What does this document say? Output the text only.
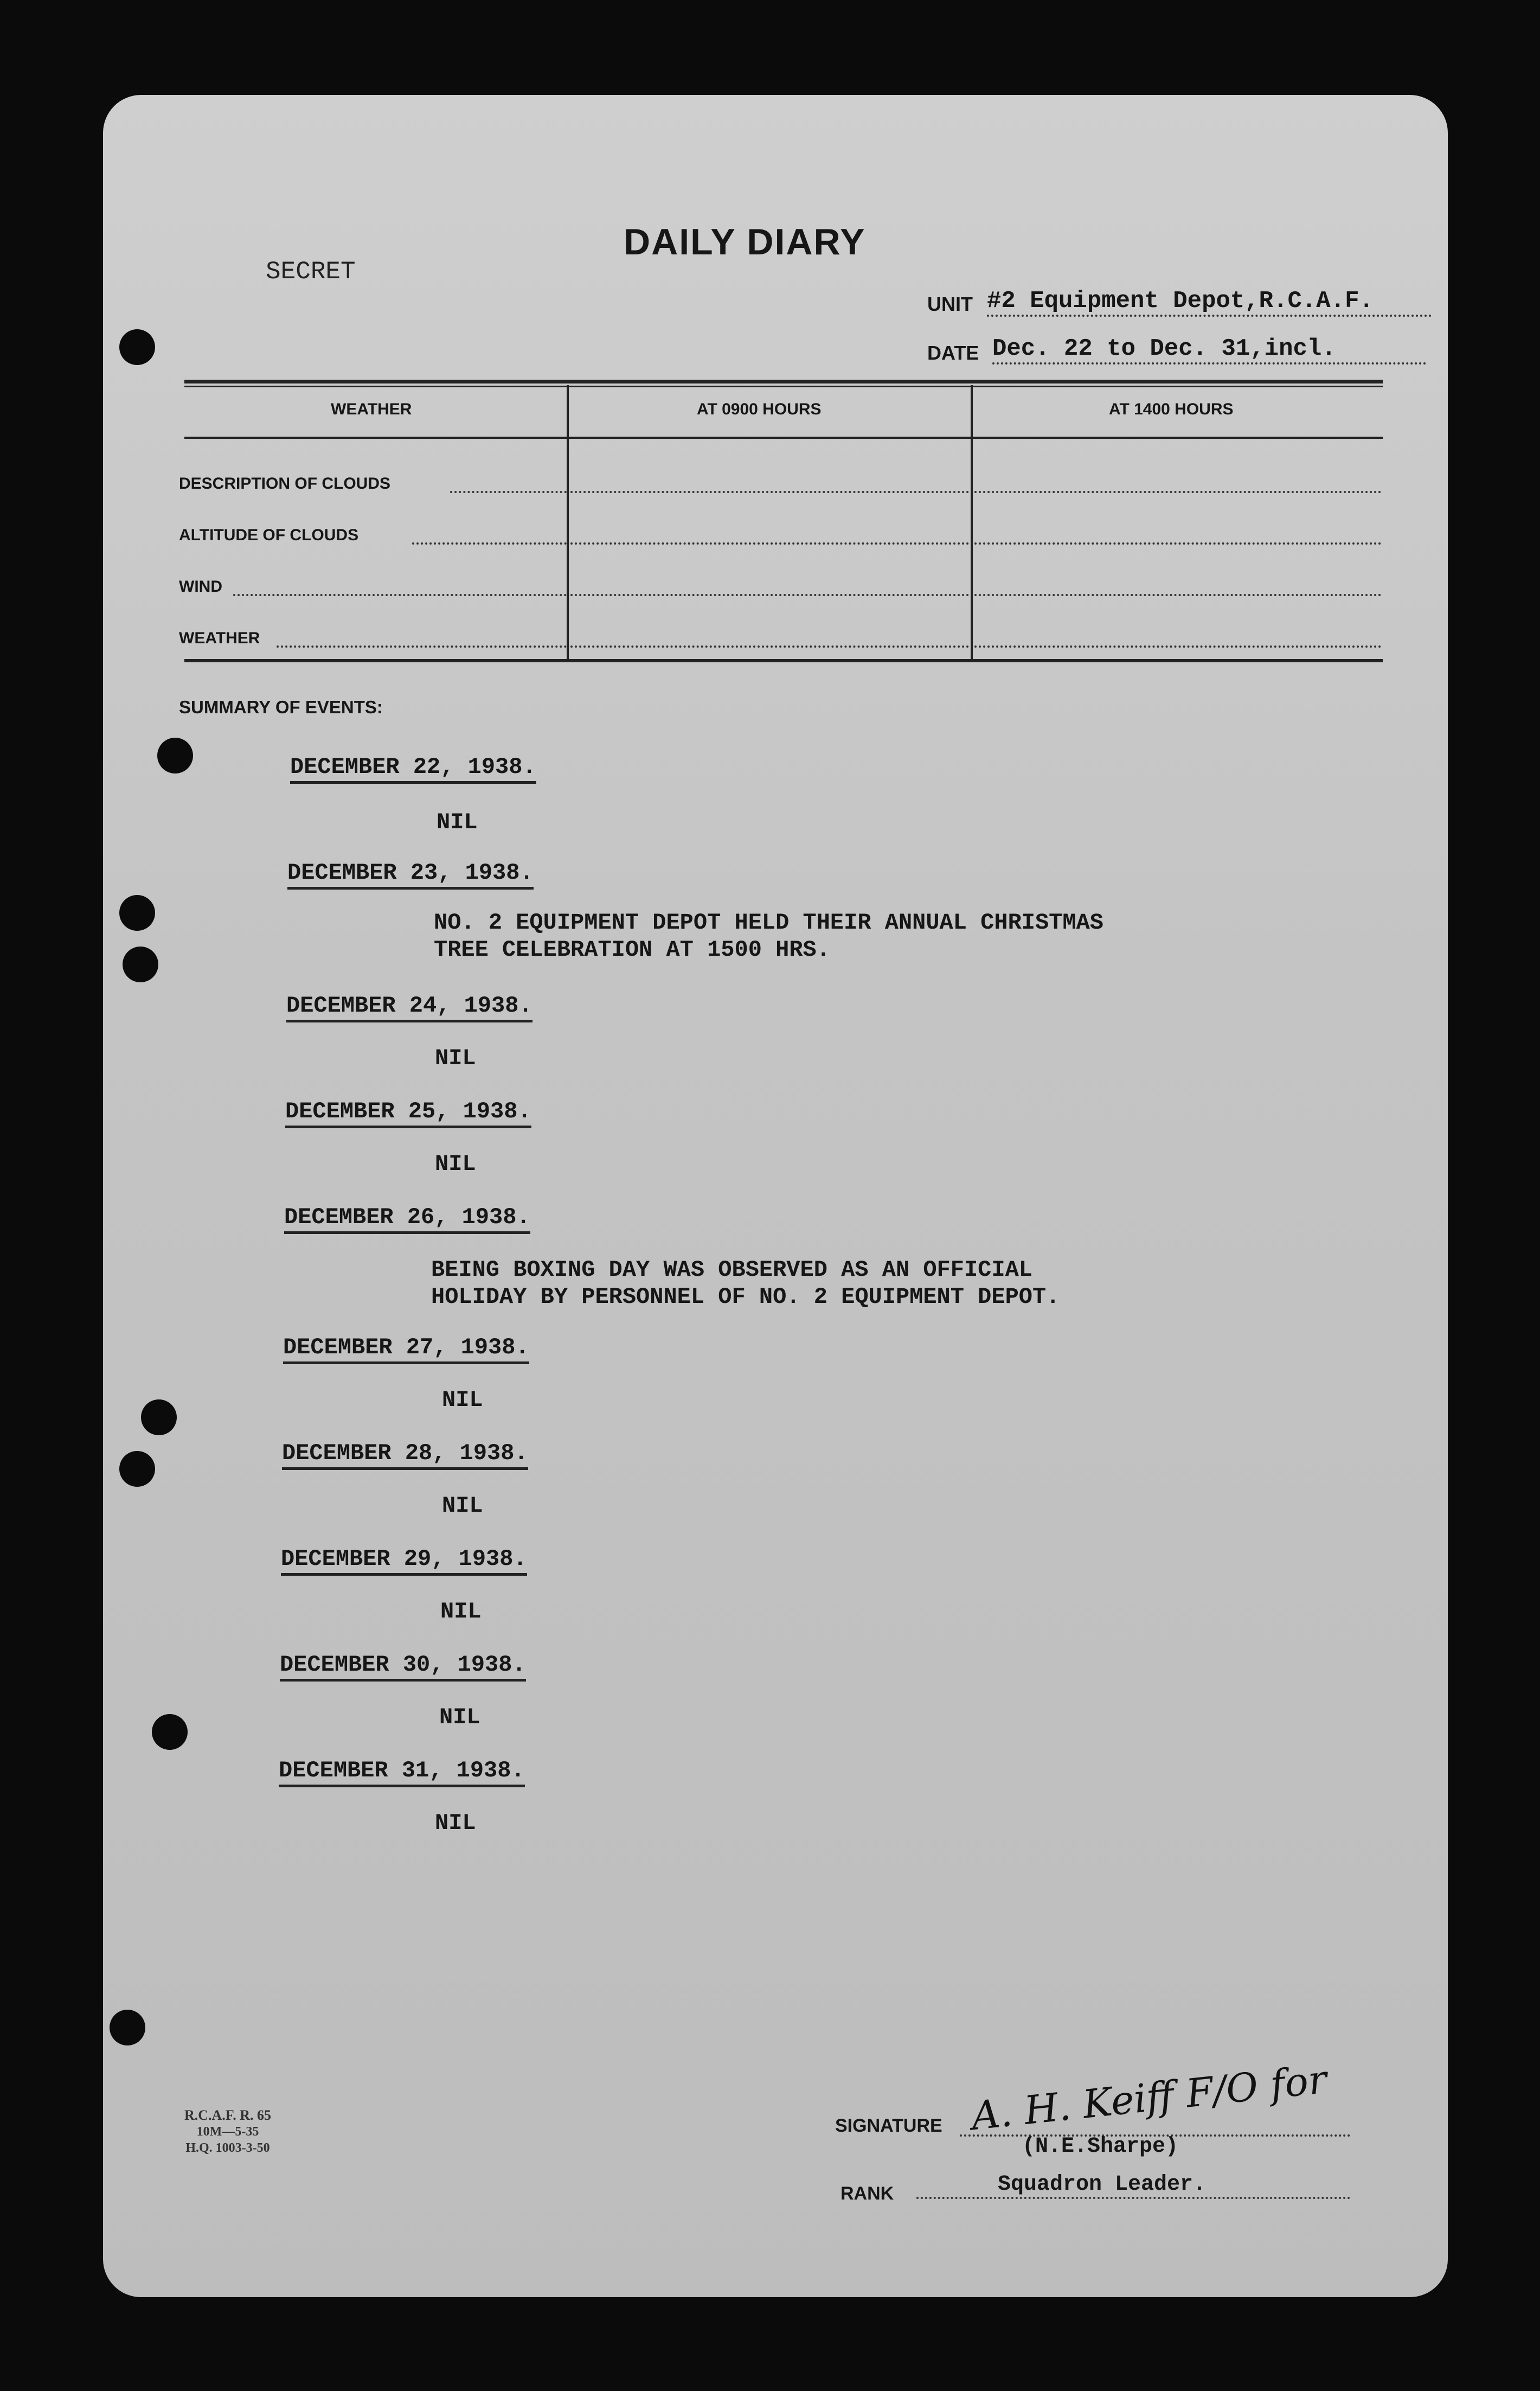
SECRET
DAILY DIARY
UNIT #2 Equipment Depot,R.C.A.F.
DATE Dec. 22 to Dec. 31,incl.
WEATHER	AT 0900 HOURS	AT 1400 HOURS
DESCRIPTION OF CLOUDS
ALTITUDE OF CLOUDS
WIND
WEATHER
SUMMARY OF EVENTS:
DECEMBER 22, 1938.
NIL
DECEMBER 23, 1938.
NO. 2 EQUIPMENT DEPOT HELD THEIR ANNUAL CHRISTMAS
TREE CELEBRATION AT 1500 HRS.
DECEMBER 24, 1938.
NIL
DECEMBER 25, 1938.
NIL
DECEMBER 26, 1938.
BEING BOXING DAY WAS OBSERVED AS AN OFFICIAL
HOLIDAY BY PERSONNEL OF NO. 2 EQUIPMENT DEPOT.
DECEMBER 27, 1938.
NIL
DECEMBER 28, 1938.
NIL
DECEMBER 29, 1938.
NIL
DECEMBER 30, 1938.
NIL
DECEMBER 31, 1938.
NIL
R.C.A.F. R. 65
10M—5-35
H.Q. 1003-3-50
SIGNATURE A. H. Keiff F/O for
(N.E.Sharpe)
RANK	Squadron Leader.
